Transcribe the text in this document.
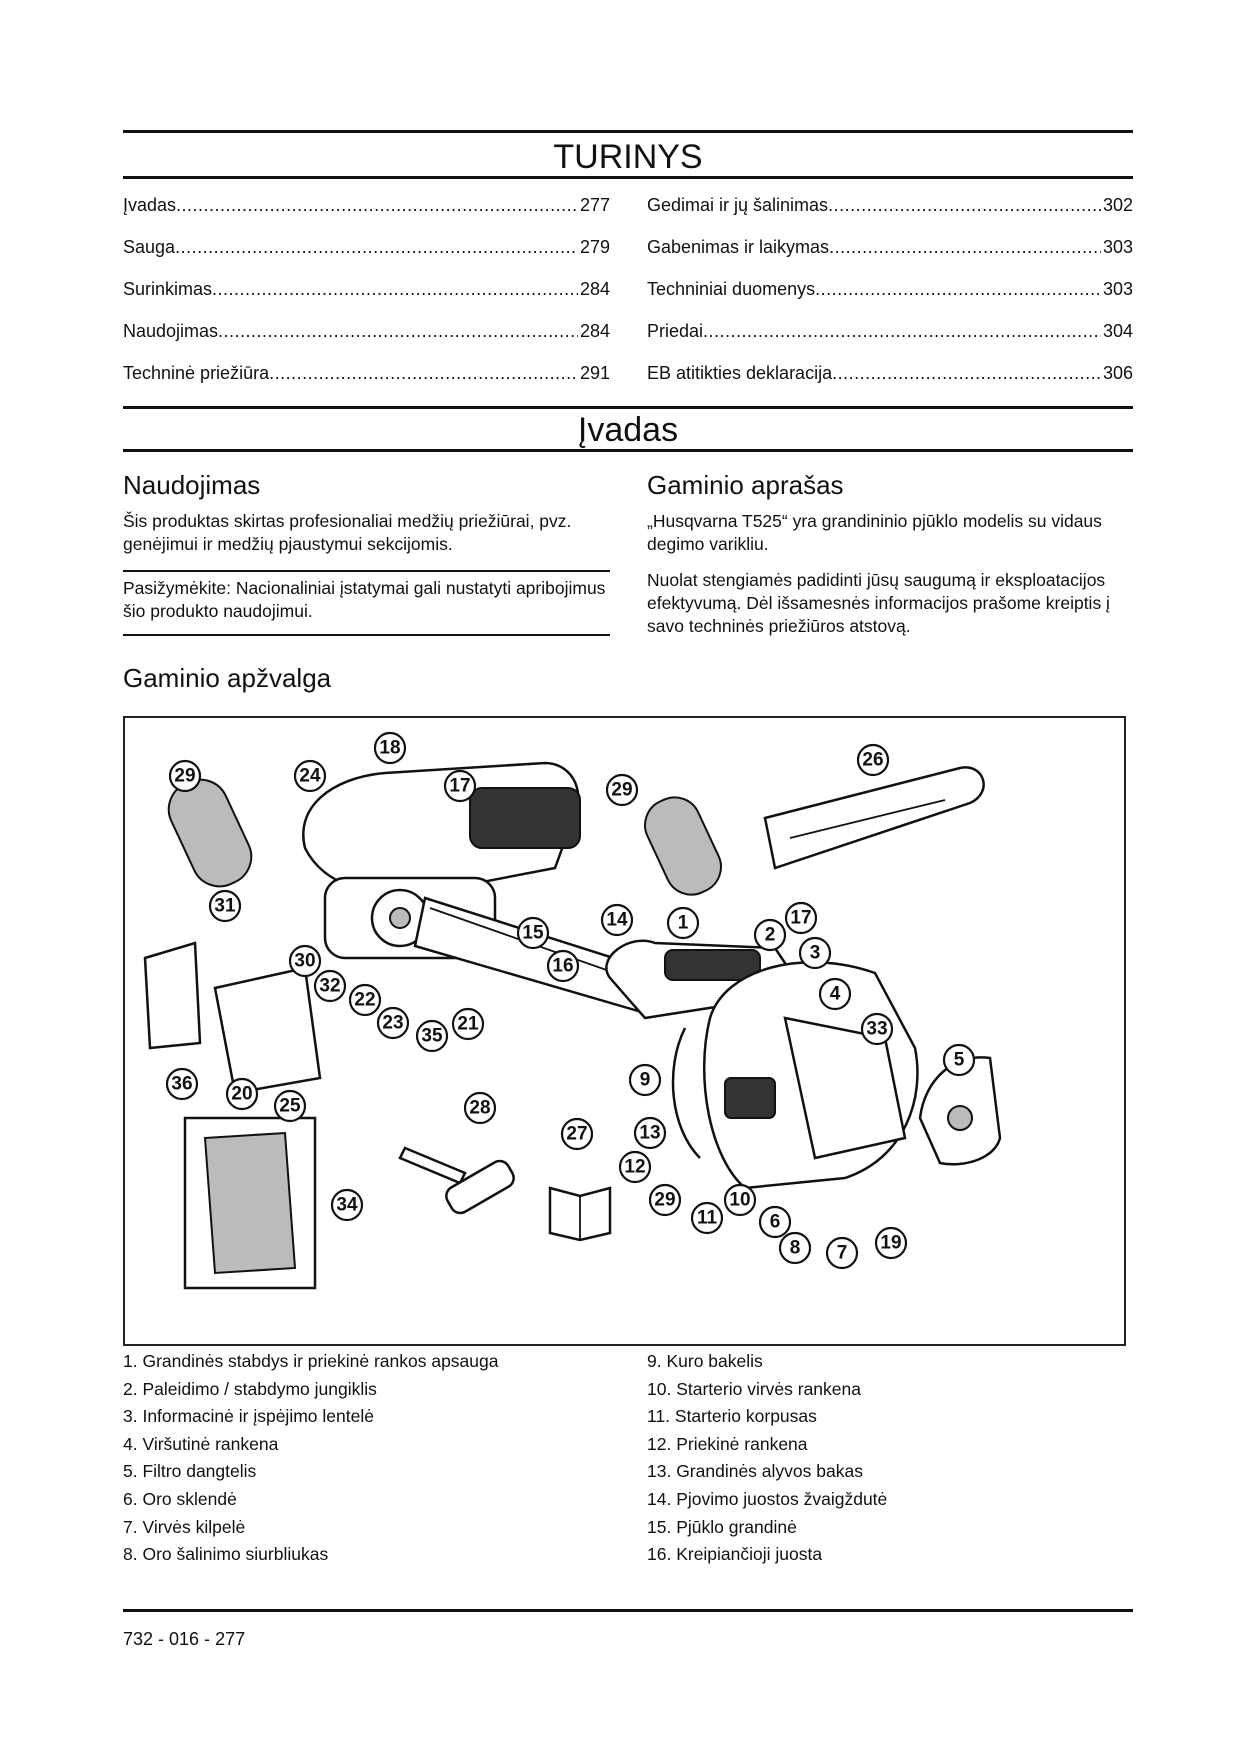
TURINYS
Įvadas .....	277
Sauga .....	279
Surinkimas .....	284
Naudojimas .....	284
Techninė priežiūra .....	291
Gedimai ir jų šalinimas .....	302
Gabenimas ir laikymas .....	303
Techniniai duomenys .....	303
Priedai .....	304
EB atitikties deklaracija .....	306
Įvadas
Naudojimas

Šis produktas skirtas profesionaliai medžių priežiūrai, pvz. genėjimui ir medžių pjaustymui sekcijomis.

Pasižymėkite: Nacionaliniai įstatymai gali nustatyti apribojimus šio produkto naudojimui.

Gaminio aprašas

„Husqvarna T525“ yra grandininio pjūklo modelis su vidaus degimo varikliu.

Nuolat stengiamės padidinti jūsų saugumą ir eksploatacijos efektyvumą. Dėl išsamesnės informacijos prašome kreiptis į savo techninės priežiūros atstovą.

Gaminio apžvalga
29	24
18
17	29
26
31
30
32
22
23
35
21
15
16
14	1
2
17
3
4
33
5
36 20
25	28
27
34
9
13
12
29	10
11	6
8 7 19
1. Grandinės stabdys ir priekinė rankos apsauga
2. Paleidimo / stabdymo jungiklis
3. Informacinė ir įspėjimo lentelė
4. Viršutinė rankena
5. Filtro dangtelis
6. Oro sklendė
7. Virvės kilpelė
8. Oro šalinimo siurbliukas
9. Kuro bakelis
10. Starterio virvės rankena
11. Starterio korpusas
12. Priekinė rankena
13. Grandinės alyvos bakas
14. Pjovimo juostos žvaigždutė
15. Pjūklo grandinė
16. Kreipiančioji juosta
732 - 016 - 277
